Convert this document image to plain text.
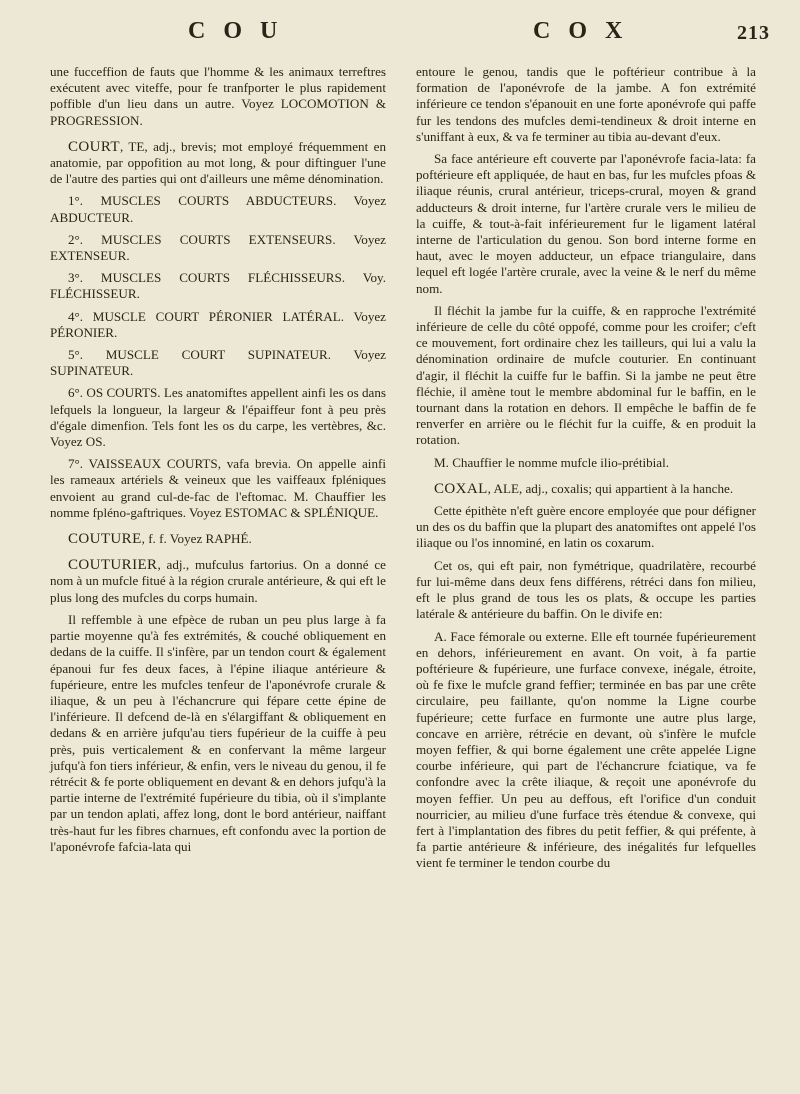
C O U	C O X	213

une fucceffion de fauts que l'homme & les animaux terreftres exécutent avec viteffe, pour fe tranfporter le plus rapidement poffible d'un lieu dans un autre. Voyez LOCOMOTION & PROGRESSION.

COURT, TE, adj., brevis; mot employé fréquemment en anatomie, par oppofition au mot long, & pour diftinguer l'une de l'autre des parties qui ont d'ailleurs une même dénomination.

1°. MUSCLES COURTS ABDUCTEURS. Voyez ABDUCTEUR.

2°. MUSCLES COURTS EXTENSEURS. Voyez EXTENSEUR.

3°. MUSCLES COURTS FLÉCHISSEURS. Voy. FLÉCHISSEUR.

4°. MUSCLE COURT PÉRONIER LATÉRAL. Voyez PÉRONIER.

5°. MUSCLE COURT SUPINATEUR. Voyez SUPINATEUR.

6°. OS COURTS. Les anatomiftes appellent ainfi les os dans lefquels la longueur, la largeur & l'épaiffeur font à peu près d'égale dimenfion. Tels font les os du carpe, les vertèbres, &c. Voyez OS.

7°. VAISSEAUX COURTS, vafa brevia. On appelle ainfi les rameaux artériels & veineux que les vaiffeaux fpléniques envoient au grand cul-de-fac de l'eftomac. M. Chauffier les nomme fpléno-gaftriques. Voyez ESTOMAC & SPLÉNIQUE.

COUTURE, f. f. Voyez RAPHÉ.

COUTURIER, adj., mufculus fartorius. On a donné ce nom à un mufcle fitué à la région crurale antérieure, & qui eft le plus long des mufcles du corps humain.

Il reffemble à une efpèce de ruban un peu plus large à fa partie moyenne qu'à fes extrémités, & couché obliquement en dedans de la cuiffe. Il s'infère, par un tendon court & également épanoui fur fes deux faces, à l'épine iliaque antérieure & fupérieure, entre les mufcles tenfeur de l'aponévrofe crurale & iliaque, & un peu à l'échancrure qui fépare cette épine de l'inférieure. Il defcend de-là en s'élargiffant & obliquement en dedans & en arrière jufqu'au tiers fupérieur de la cuiffe à peu près, puis verticalement & en confervant la même largeur jufqu'à fon tiers inférieur, & enfin, vers le niveau du genou, il fe rétrécit & fe porte obliquement en devant & en dehors jufqu'à la partie interne de l'extrémité fupérieure du tibia, où il s'implante par un tendon aplati, affez long, dont le bord antérieur, naiffant très-haut fur les fibres charnues, eft confondu avec la portion de l'aponévrofe fafcia-lata qui

entoure le genou, tandis que le poftérieur contribue à la formation de l'aponévrofe de la jambe. A fon extrémité inférieure ce tendon s'épanouit en une forte aponévrofe qui paffe fur les tendons des mufcles demi-tendineux & droit interne en s'uniffant à eux, & va fe terminer au tibia au-devant d'eux.

Sa face antérieure eft couverte par l'aponévrofe facia-lata: fa poftérieure eft appliquée, de haut en bas, fur les mufcles pfoas & iliaque réunis, crural antérieur, triceps-crural, moyen & grand adducteurs & droit interne, fur l'artère crurale vers le milieu de la cuiffe, & tout-à-fait inférieurement fur le ligament latéral interne de l'articulation du genou. Son bord interne forme en haut, avec le moyen adducteur, un efpace triangulaire, dans lequel eft logée l'artère crurale, avec la veine & le nerf du même nom.

Il fléchit la jambe fur la cuiffe, & en rapproche l'extrémité inférieure de celle du côté oppofé, comme pour les croifer; c'eft ce mouvement, fort ordinaire chez les tailleurs, qui lui a valu la dénomination ordinaire de mufcle couturier. En continuant d'agir, il fléchit la cuiffe fur le baffin. Si la jambe ne peut être fléchie, il amène tout le membre abdominal fur le baffin, en le tournant dans la rotation en dehors. Il empêche le baffin de fe renverfer en arrière ou le fléchit fur la cuiffe, & en produit la rotation.

M. Chauffier le nomme mufcle ilio-prétibial.

COXAL, ALE, adj., coxalis; qui appartient à la hanche.

Cette épithète n'eft guère encore employée que pour défigner un des os du baffin que la plupart des anatomiftes ont appelé l'os iliaque ou l'os innominé, en latin os coxarum.

Cet os, qui eft pair, non fymétrique, quadrilatère, recourbé fur lui-même dans deux fens différens, rétréci dans fon milieu, eft le plus grand de tous les os plats, & occupe les parties latérale & antérieure du baffin. On le divife en:

A. Face fémorale ou externe. Elle eft tournée fupérieurement en dehors, inférieurement en avant. On voit, à fa partie poftérieure & fupérieure, une furface convexe, inégale, étroite, où fe fixe le mufcle grand feffier; terminée en bas par une crête circulaire, peu faillante, qu'on nomme la Ligne courbe fupérieure; cette furface en furmonte une autre plus large, concave en arrière, rétrécie en devant, où s'infère le mufcle moyen feffier, & qui borne également une crête appelée Ligne courbe inférieure, qui part de l'échancrure fciatique, va fe confondre avec la crête iliaque, & reçoit une aponévrofe du moyen feffier. Un peu au deffous, eft l'orifice d'un conduit nourricier, au milieu d'une furface très étendue & convexe, qui fert à l'implantation des fibres du petit feffier, & qui préfente, à fa partie antérieure & inférieure, des inégalités fur lefquelles vient fe terminer le tendon courbe du
